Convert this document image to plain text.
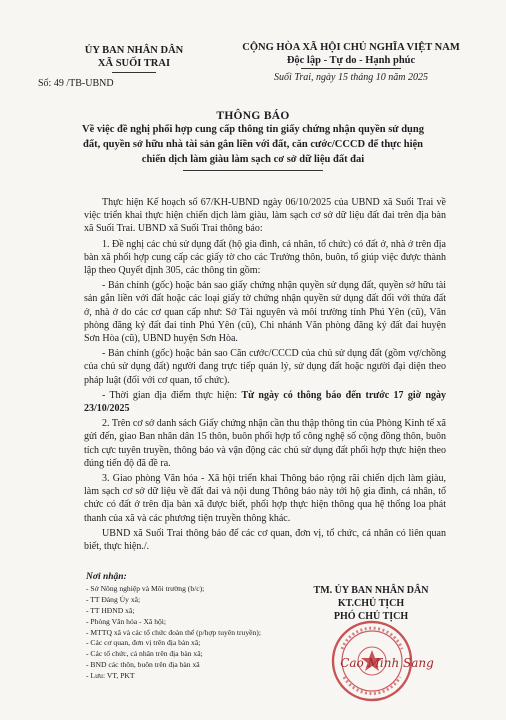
ỦY BAN NHÂN DÂN
XÃ SUỐI TRAI
Số: 49 /TB-UBND
CỘNG HÒA XÃ HỘI CHỦ NGHĨA VIỆT NAM
Độc lập - Tự do - Hạnh phúc
Suối Trai, ngày 15 tháng 10 năm 2025
THÔNG BÁO
Về việc đề nghị phối hợp cung cấp thông tin giấy chứng nhận quyền sử dụng
đất, quyền sở hữu nhà tài sản gắn liền với đất, căn cước/CCCD để thực hiện
chiến dịch làm giàu làm sạch cơ sở dữ liệu đất đai

Thực hiện Kế hoạch số 67/KH-UBND ngày 06/10/2025 của UBND xã Suối Trai về việc triển khai thực hiện chiến dịch làm giàu, làm sạch cơ sở dữ liệu đất đai trên địa bàn xã Suối Trai. UBND xã Suối Trai thông báo:

1. Đề nghị các chủ sử dụng đất (hộ gia đình, cá nhân, tổ chức) có đất ở, nhà ở trên địa bàn xã phối hợp cung cấp các giấy tờ cho các Trưởng thôn, buôn, tổ giúp việc được thành lập theo Quyết định 305, các thông tin gồm:

- Bản chính (gốc) hoặc bản sao giấy chứng nhận quyền sử dụng đất, quyền sở hữu tài sản gắn liền với đất hoặc các loại giấy tờ chứng nhận quyền sử dụng đất đối với thửa đất ở, nhà ở do các cơ quan cấp như: Sở Tài nguyên và môi trường tỉnh Phú Yên (cũ), Văn phòng đăng ký đất đai tỉnh Phú Yên (cũ), Chi nhánh Văn phòng đăng ký đất đai huyện Sơn Hòa (cũ), UBND huyện Sơn Hòa.

- Bản chính (gốc) hoặc bản sao Căn cước/CCCD của chủ sử dụng đất (gồm vợ/chồng của chủ sử dụng đất) người đang trực tiếp quản lý, sử dụng đất hoặc người đại diện theo pháp luật (đối với cơ quan, tổ chức).

- Thời gian địa điểm thực hiện: Từ ngày có thông báo đến trước 17 giờ ngày 23/10/2025

2. Trên cơ sở danh sách Giấy chứng nhận cần thu thập thông tin của Phòng Kinh tế xã gửi đến, giao Ban nhân dân 15 thôn, buôn phối hợp tổ công nghệ số cộng đồng thôn, buôn tích cực tuyên truyền, thông báo và vận động các chủ sử dụng đất phối hợp thực hiện theo đúng tiến độ đã đề ra.

3. Giao phòng Văn hóa - Xã hội triển khai Thông báo rộng rãi chiến dịch làm giàu, làm sạch cơ sở dữ liệu về đất đai và nội dung Thông báo này tới hộ gia đình, cá nhân, tổ chức có đất ở trên địa bàn xã được biết, phối hợp thực hiện thông qua hệ thống loa phát thanh của xã và các phương tiện truyền thông khác.

UBND xã Suối Trai thông báo để các cơ quan, đơn vị, tổ chức, cá nhân có liên quan biết, thực hiện./.

Nơi nhận:
- Sở Nông nghiệp và Môi trường (b/c);
- TT Đảng Ủy xã;
- TT HĐND xã;
- Phòng Văn hóa - Xã hội;
- MTTQ xã và các tổ chức đoàn thể (p/hợp tuyên truyền);
- Các cơ quan, đơn vị trên địa bàn xã;
- Các tổ chức, cá nhân trên địa bàn xã;
- BND các thôn, buôn trên địa bàn xã
- Lưu: VT, PKT
TM. ỦY BAN NHÂN DÂN
KT.CHỦ TỊCH
PHÓ CHỦ TỊCH
Cao Minh Sang
